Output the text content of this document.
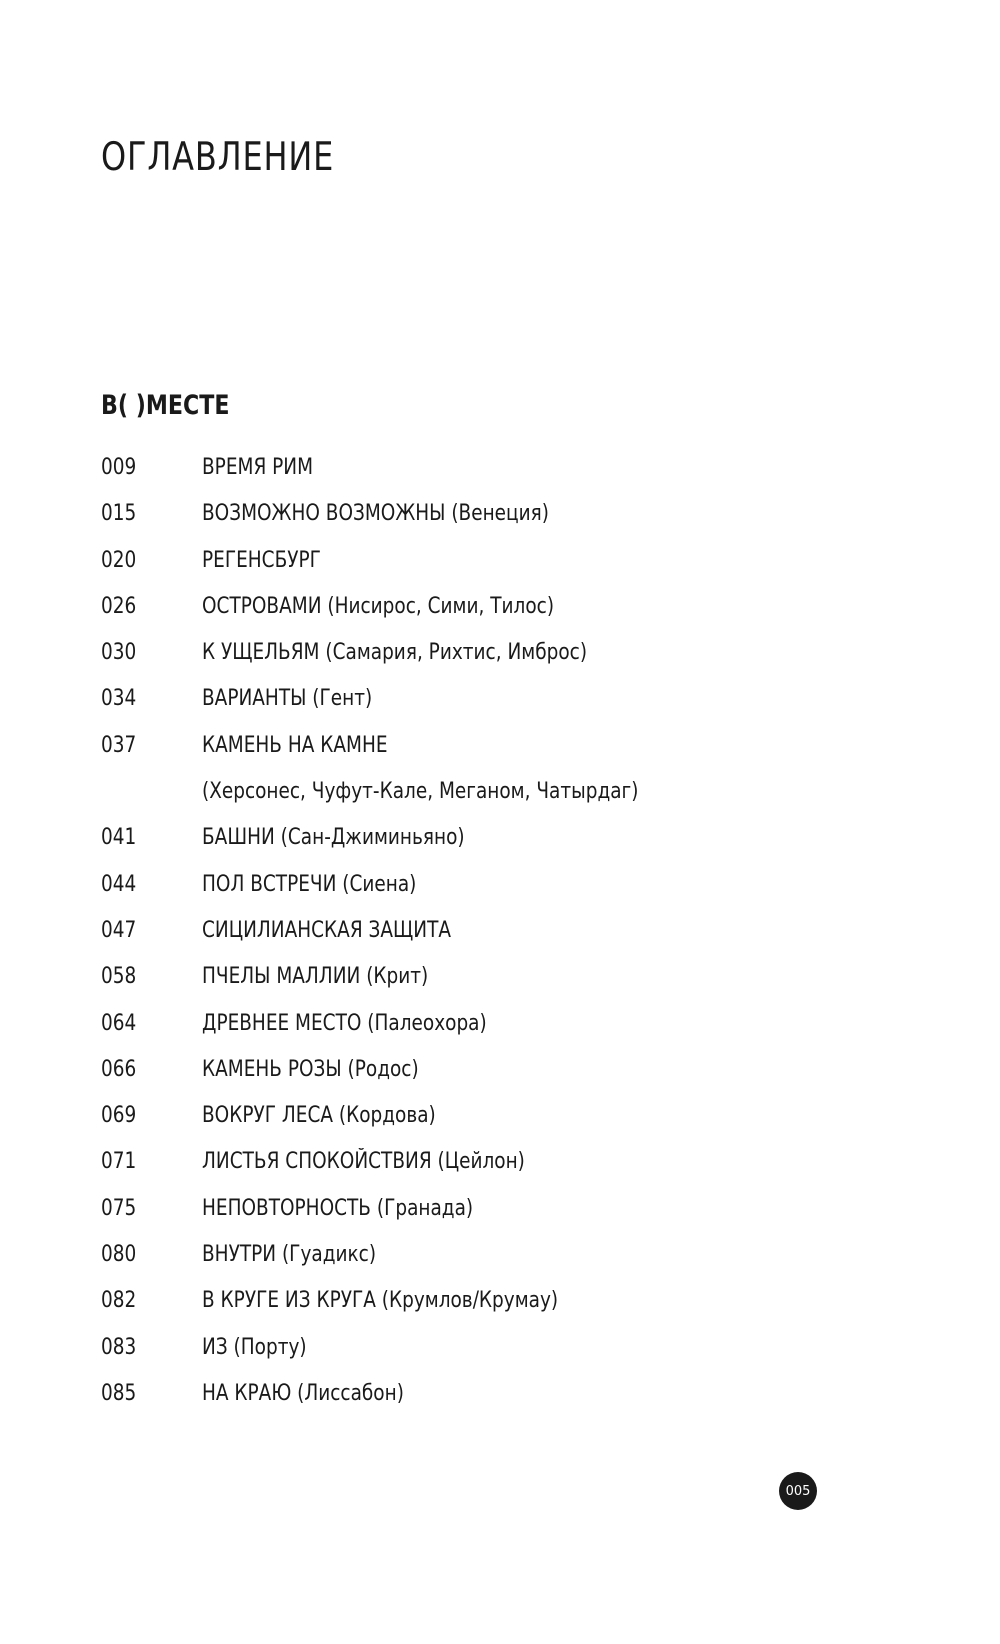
ОГЛАВЛЕНИЕ
В( )МЕСТЕ
009	ВРЕМЯ РИМ
015	ВОЗМОЖНО ВОЗМОЖНЫ (Венеция)
020	РЕГЕНСБУРГ
026	ОСТРОВАМИ (Нисирос, Сими, Тилос)
030	К УЩЕЛЬЯМ (Самария, Рихтис, Имброс)
034	ВАРИАНТЫ (Гент)
037	КАМЕНЬ НА КАМНЕ
(Херсонес, Чуфут-Кале, Меганом, Чатырдаг)
041	БАШНИ (Сан-Джиминьяно)
044	ПОЛ ВСТРЕЧИ (Сиена)
047	СИЦИЛИАНСКАЯ ЗАЩИТА
058	ПЧЕЛЫ МАЛЛИИ (Крит)
064	ДРЕВНЕЕ МЕСТО (Палеохора)
066	КАМЕНЬ РОЗЫ (Родос)
069	ВОКРУГ ЛЕСА (Кордова)
071	ЛИСТЬЯ СПОКОЙСТВИЯ (Цейлон)
075	НЕПОВТОРНОСТЬ (Гранада)
080	ВНУТРИ (Гуадикс)
082	В КРУГЕ ИЗ КРУГА (Крумлов/Крумау)
083	ИЗ (Порту)
085	НА КРАЮ (Лиссабон)
005
